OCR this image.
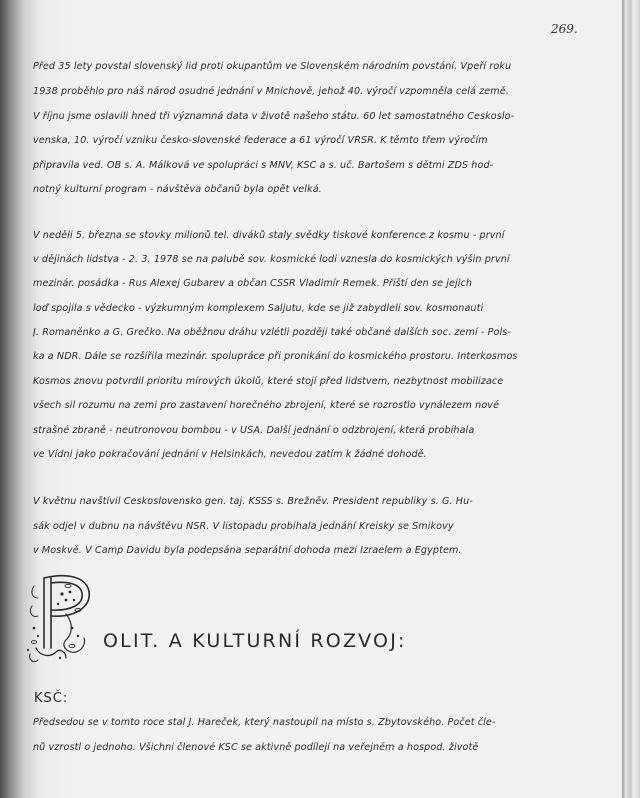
269.
Před 35 lety povstal slovenský lid proti okupantům ve Slovenském národním povstání. Vpeří roku
1938 proběhlo pro náš národ osudné jednání v Mnichově, jehož 40. výročí vzpomněla celá země.
V říjnu jsme oslavili hned tři významná data v životě našeho státu. 60 let samostatného Českoslo-
venska, 10. výročí vzniku česko-slovenské federace a 61 výročí VŘSR. K těmto třem výročím
připravila ved. OB s. A. Málková ve spolupráci s MNV, KSČ a s. uč. Bartošem s dětmi ZDŠ hod-
notný kulturní program - návštěva občanů byla opět velká.
V neděli 5. března se stovky milionů tel. diváků staly svědky tiskové konference z kosmu - první
v dějinách lidstva - 2. 3. 1978 se na palubě sov. kosmické lodi vznesla do kosmických výšin první
mezinár. posádka - Rus Alexej Gubarev a občan ČSSR Vladimír Remek. Příští den se jejich
loď spojila s vědecko - výzkumným komplexem Saljutu, kde se již zabydleli sov. kosmonauti
J. Romaněnko a G. Grečko. Na oběžnou dráhu vzlétli později také občané dalších soc. zemí - Pols-
ka a NDR. Dále se rozšířila mezinár. spolupráce při pronikání do kosmického prostoru. Interkosmos
Kosmos znovu potvrdil prioritu mírových úkolů, které stojí před lidstvem, nezbytnost mobilizace
všech sil rozumu na zemi pro zastavení horečného zbrojení, které se rozrostlo vynálezem nové
strašné zbraně - neutronovou bombou - v USA. Další jednání o odzbrojení, která probíhala
ve Vídni jako pokračování jednání v Helsinkách, nevedou zatím k žádné dohodě.
V květnu navštívil Československo gen. taj. KSSS s. Brežněv. President republiky s. G. Hu-
sák odjel v dubnu na návštěvu NSR. V listopadu probíhala jednání Kreisky se Šmikovy
v Moskvě. V Camp Davidu byla podepsána separátní dohoda mezi Izraelem a Egyptem.
OLIT. A KULTURNÍ ROZVOJ:
KSČ:
Předsedou se v tomto roce stal J. Hareček, který nastoupil na místo s. Zbytovského. Počet čle-
nů vzrostl o jednoho. Všichni členové KSČ se aktivně podílejí na veřejném a hospod. životě
